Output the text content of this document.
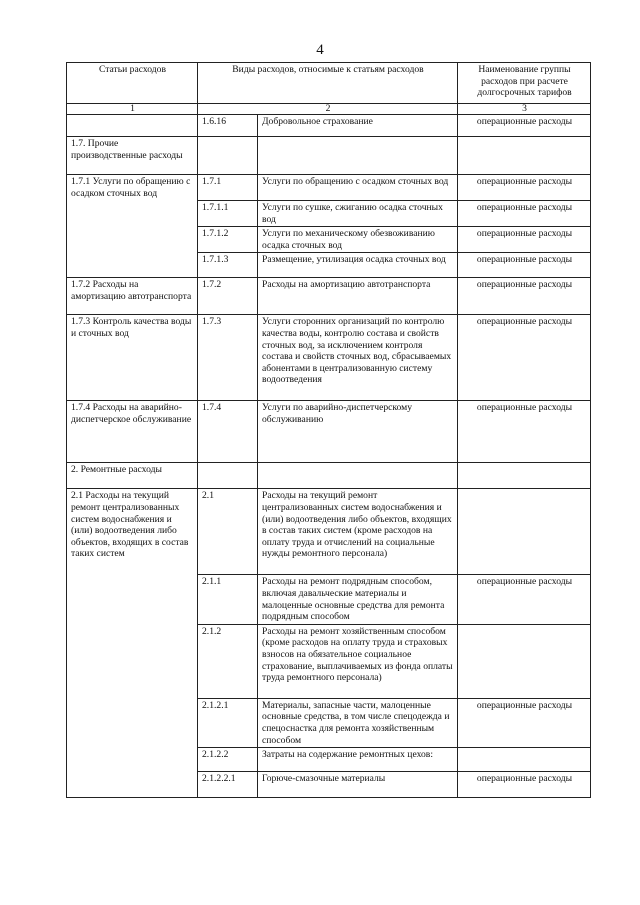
4
Статьи расходов	Виды расходов, относимые к статьям расходов		Наименование группы расходов при расчете долгосрочных тарифов
1	2		3
	1.6.16	Добровольное страхование	операционные расходы
1.7. Прочие производственные расходы			
1.7.1 Услуги по обращению с осадком сточных вод	1.7.1	Услуги по обращению с осадком сточных вод	операционные расходы
	1.7.1.1	Услуги по сушке, сжиганию осадка сточных вод	операционные расходы
	1.7.1.2	Услуги по механическому обезвоживанию осадка сточных вод	операционные расходы
	1.7.1.3	Размещение, утилизация осадка сточных вод	операционные расходы
1.7.2 Расходы на амортизацию автотранспорта	1.7.2	Расходы на амортизацию автотранспорта	операционные расходы
1.7.3 Контроль качества воды и сточных вод	1.7.3	Услуги сторонних организаций по контролю качества воды, контролю состава и свойств сточных вод, за исключением контроля состава и свойств сточных вод, сбрасываемых абонентами в централизованную систему водоотведения	операционные расходы
1.7.4 Расходы на аварийно-диспетчерское обслуживание	1.7.4	Услуги по аварийно-диспетчерскому обслуживанию	операционные расходы
2. Ремонтные расходы			
2.1 Расходы на текущий ремонт централизованных систем водоснабжения и (или) водоотведения либо объектов, входящих в состав таких систем	2.1	Расходы на текущий ремонт централизованных систем водоснабжения и (или) водоотведения либо объектов, входящих в состав таких систем (кроме расходов на оплату труда и отчислений на социальные нужды ремонтного персонала)	
	2.1.1	Расходы на ремонт подрядным способом, включая давальческие материалы и малоценные основные средства для ремонта подрядным способом	операционные расходы
	2.1.2	Расходы на ремонт хозяйственным способом (кроме расходов на оплату труда и страховых взносов на обязательное социальное страхование, выплачиваемых из фонда оплаты труда ремонтного персонала)	
	2.1.2.1	Материалы, запасные части, малоценные основные средства, в том числе спецодежда и спецоснастка для ремонта хозяйственным способом	операционные расходы
	2.1.2.2	Затраты на содержание ремонтных цехов:	
	2.1.2.2.1	Горюче-смазочные материалы	операционные расходы
